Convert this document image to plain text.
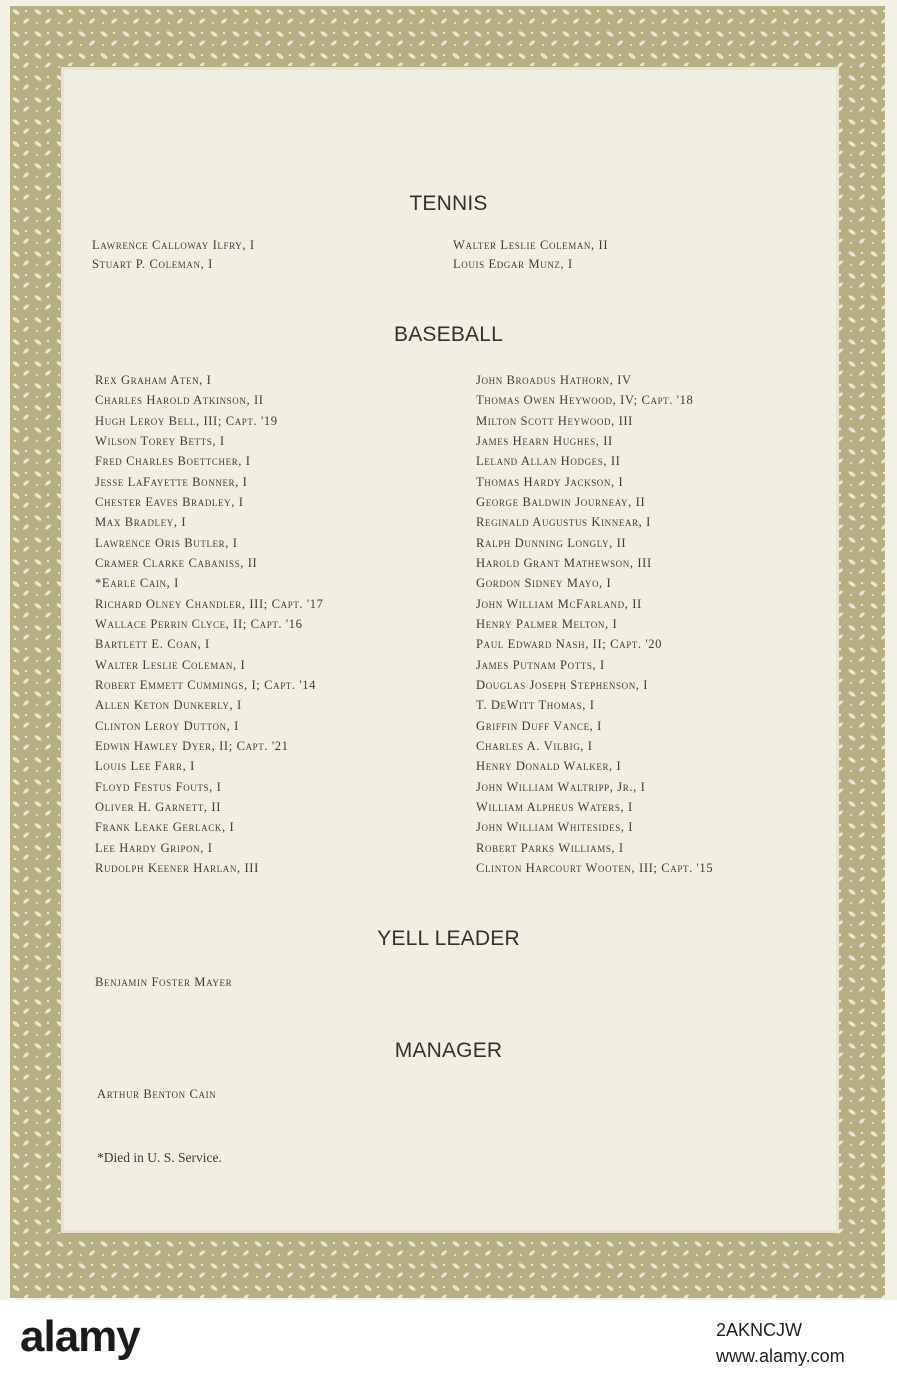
TENNIS
Lawrence Calloway Ilfry, I
Stuart P. Coleman, I
Walter Leslie Coleman, II
Louis Edgar Munz, I
BASEBALL
Rex Graham Aten, I
Charles Harold Atkinson, II
Hugh Leroy Bell, III; Capt. '19
Wilson Torey Betts, I
Fred Charles Boettcher, I
Jesse LaFayette Bonner, I
Chester Eaves Bradley, I
Max Bradley, I
Lawrence Oris Butler, I
Cramer Clarke Cabaniss, II
*Earle Cain, I
Richard Olney Chandler, III; Capt. '17
Wallace Perrin Clyce, II; Capt. '16
Bartlett E. Coan, I
Walter Leslie Coleman, I
Robert Emmett Cummings, I; Capt. '14
Allen Keton Dunkerly, I
Clinton Leroy Dutton, I
Edwin Hawley Dyer, II; Capt. '21
Louis Lee Farr, I
Floyd Festus Fouts, I
Oliver H. Garnett, II
Frank Leake Gerlack, I
Lee Hardy Gripon, I
Rudolph Keener Harlan, III
John Broadus Hathorn, IV
Thomas Owen Heywood, IV; Capt. '18
Milton Scott Heywood, III
James Hearn Hughes, II
Leland Allan Hodges, II
Thomas Hardy Jackson, I
George Baldwin Journeay, II
Reginald Augustus Kinnear, I
Ralph Dunning Longly, II
Harold Grant Mathewson, III
Gordon Sidney Mayo, I
John William McFarland, II
Henry Palmer Melton, I
Paul Edward Nash, II; Capt. '20
James Putnam Potts, I
Douglas Joseph Stephenson, I
T. DeWitt Thomas, I
Griffin Duff Vance, I
Charles A. Vilbig, I
Henry Donald Walker, I
John William Waltripp, Jr., I
William Alpheus Waters, I
John William Whitesides, I
Robert Parks Williams, I
Clinton Harcourt Wooten, III; Capt. '15
YELL LEADER
Benjamin Foster Mayer
MANAGER
Arthur Benton Cain
*Died in U. S. Service.
alamy	2AKNCJW
www.alamy.com
